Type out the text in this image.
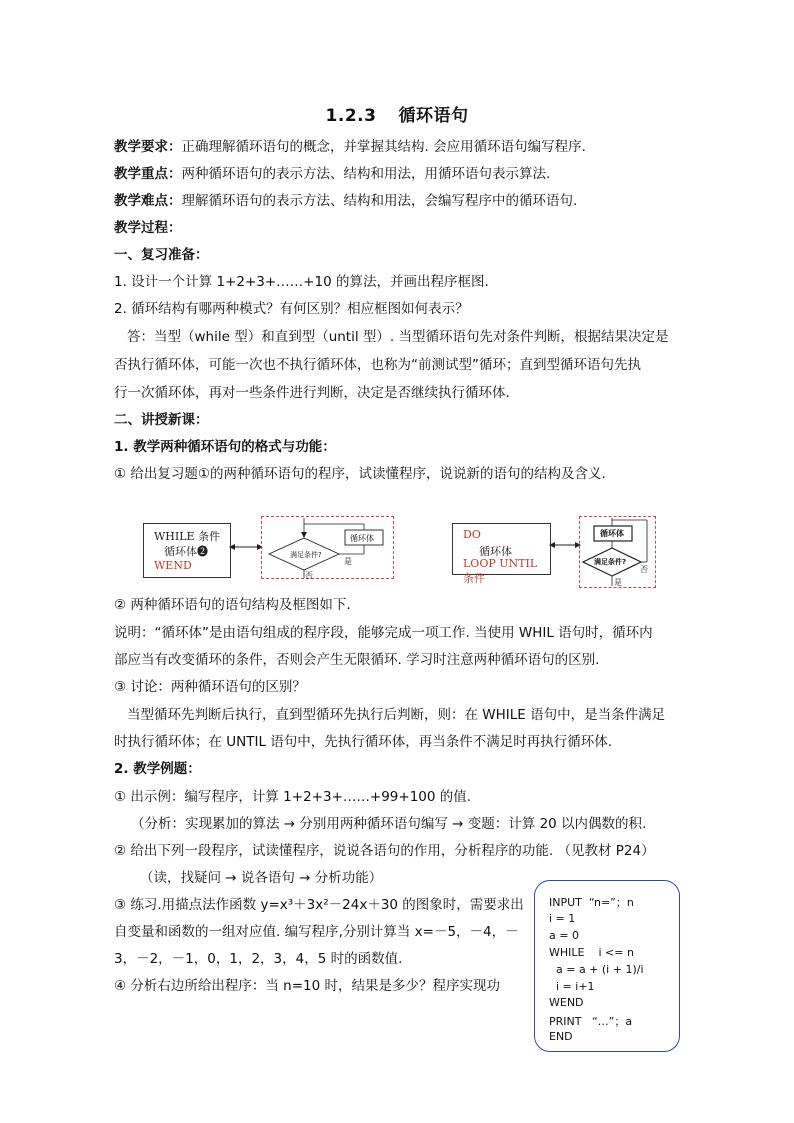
1.2.3 循环语句
教学要求：正确理解循环语句的概念，并掌握其结构. 会应用循环语句编写程序.
教学重点：两种循环语句的表示方法、结构和用法，用循环语句表示算法.
教学难点：理解循环语句的表示方法、结构和用法，会编写程序中的循环语句.
教学过程：
一、复习准备：
1. 设计一个计算 1+2+3+……+10 的算法，并画出程序框图.
2. 循环结构有哪两种模式？有何区别？相应框图如何表示？
答：当型（while 型）和直到型（until 型）. 当型循环语句先对条件判断，根据结果决定是
否执行循环体，可能一次也不执行循环体，也称为“前测试型”循环；直到型循环语句先执
行一次循环体，再对一些条件进行判断，决定是否继续执行循环体.
二、讲授新课：
1. 教学两种循环语句的格式与功能：
① 给出复习题①的两种循环语句的程序，试读懂程序，说说新的语句的结构及含义.
WHILE 条件
循环体❷
WEND
满足条件?
循环体
是
否
DO
循环体
LOOP UNTIL 条件
循环体
满足条件?
否
是
② 两种循环语句的语句结构及框图如下.
说明：“循环体”是由语句组成的程序段，能够完成一项工作. 当使用 WHIL 语句时，循环内
部应当有改变循环的条件，否则会产生无限循环. 学习时注意两种循环语句的区别.
③ 讨论：两种循环语句的区别？
当型循环先判断后执行，直到型循环先执行后判断，则：在 WHILE 语句中，是当条件满足
时执行循环体；在 UNTIL 语句中，先执行循环体，再当条件不满足时再执行循环体.
2. 教学例题：
① 出示例：编写程序，计算 1+2+3+……+99+100 的值.
（分析：实现累加的算法 → 分别用两种循环语句编写 → 变题：计算 20 以内偶数的积.
② 给出下列一段程序，试读懂程序，说说各语句的作用，分析程序的功能. （见教材 P24）
（读，找疑问 → 说各语句 → 分析功能）
③ 练习.用描点法作函数 y=x³＋3x²－24x＋30 的图象时，需要求出
自变量和函数的一组对应值. 编写程序,分别计算当 x=－5，－4，－
3，－2，－1，0，1，2，3，4，5 时的函数值.
④ 分析右边所给出程序：当 n=10 时，结果是多少？程序实现功
INPUT  “n=”；n
i = 1
a = 0
WHILE    i <= n
a = a + (i + 1)/i
i = i+1
WEND
PRINT   “…”；a
END
